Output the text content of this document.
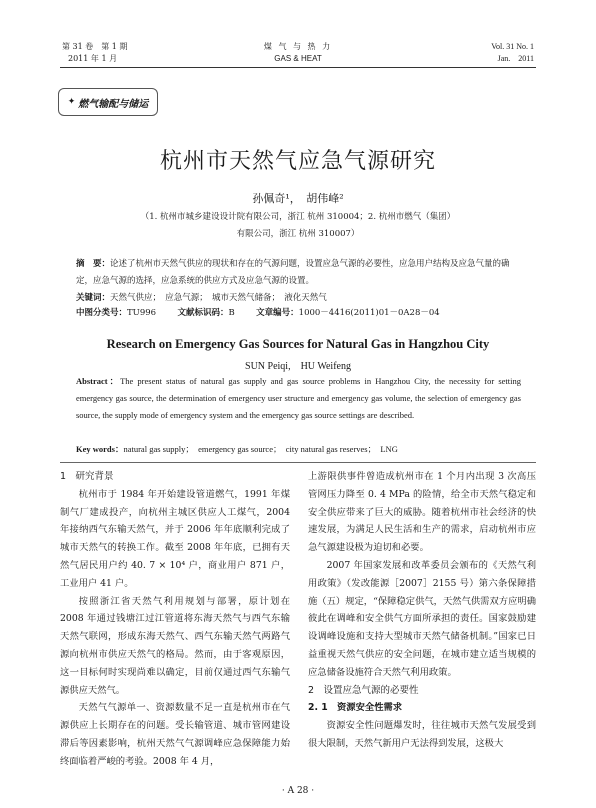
第 31 卷　第 1 期
2011 年 1 月
煤 气 与 热 力
GAS & HEAT
Vol. 31 No. 1
Jan.　2011
✦ 燃气输配与储运
杭州市天然气应急气源研究
孙佩奇¹，　胡伟峰²
（1. 杭州市城乡建设设计院有限公司，浙江 杭州 310004；2. 杭州市燃气（集团）
有限公司，浙江 杭州 310007）
摘　要：论述了杭州市天然气供应的现状和存在的气源问题，设置应急气源的必要性，应急用户结构及应急气量的确定，应急气源的选择，应急系统的供应方式及应急气源的设置。
关键词：天然气供应；　应急气源；　城市天然气储备；　液化天然气
中图分类号：TU996	文献标识码：B	文章编号：1000－4416(2011)01－0A28－04
Research on Emergency Gas Sources for Natural Gas in Hangzhou City
SUN Peiqi,　HU Weifeng
Abstract：The present status of natural gas supply and gas source problems in Hangzhou City, the necessity for setting emergency gas source, the determination of emergency user structure and emergency gas volume, the selection of emergency gas source, the supply mode of emergency system and the emergency gas source settings are described.
Key words：natural gas supply；　emergency gas source；　city natural gas reserves；　LNG

1　研究背景

杭州市于 1984 年开始建设管道燃气，1991 年煤制气厂建成投产，向杭州主城区供应人工煤气，2004 年接纳西气东输天然气，并于 2006 年年底顺利完成了城市天然气的转换工作。截至 2008 年年底，已拥有天然气居民用户约 40. 7 × 10⁴ 户，商业用户 871 户，工业用户 41 户。

按照浙江省天然气利用规划与部署，原计划在 2008 年通过钱塘江过江管道将东海天然气与西气东输天然气联网，形成东海天然气、西气东输天然气两路气源向杭州市供应天然气的格局。然而，由于客观原因，这一目标何时实现尚难以确定，目前仅通过西气东输气源供应天然气。

天然气气源单一、资源数量不足一直是杭州市在气源供应上长期存在的问题。受长输管道、城市管网建设滞后等因素影响，杭州天然气气源调峰应急保障能力始终面临着严峻的考验。2008 年 4 月，

上游限供事件曾造成杭州市在 1 个月内出现 3 次高压管网压力降至 0. 4 MPa 的险情，给全市天然气稳定和安全供应带来了巨大的威胁。随着杭州市社会经济的快速发展，为满足人民生活和生产的需求，启动杭州市应急气源建设极为迫切和必要。

2007 年国家发展和改革委员会颁布的《天然气利用政策》（发改能源［2007］2155 号）第六条保障措施（五）规定，“保障稳定供气，天然气供需双方应明确彼此在调峰和安全供气方面所承担的责任。国家鼓励建设调峰设施和支持大型城市天然气储备机制。”国家已日益重视天然气供应的安全问题，在城市建立适当规模的应急储备设施符合天然气利用政策。

2　设置应急气源的必要性

2. 1　资源安全性需求

资源安全性问题爆发时，往往城市天然气发展受到很大限制，天然气新用户无法得到发展，这极大

· A 28 ·
